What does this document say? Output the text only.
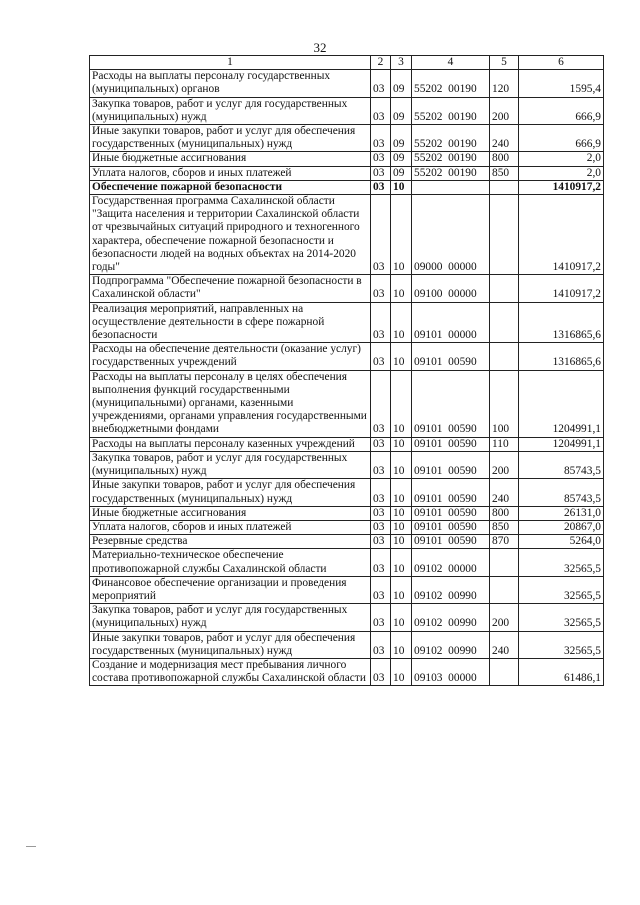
32
1	2	3	4	5	6
Расходы на выплаты персоналу государственных (муниципальных) органов	03	09	55202  00190	120	1595,4
Закупка товаров, работ и услуг для государственных (муниципальных) нужд	03	09	55202  00190	200	666,9
Иные закупки товаров, работ и услуг для обеспечения государственных (муниципальных) нужд	03	09	55202  00190	240	666,9
Иные бюджетные ассигнования	03	09	55202  00190	800	2,0
Уплата налогов, сборов и иных платежей	03	09	55202  00190	850	2,0
Обеспечение пожарной безопасности	03	10			1410917,2
Государственная программа Сахалинской области "Защита населения и территории Сахалинской области от чрезвычайных ситуаций природного и техногенного характера, обеспечение пожарной безопасности и безопасности людей на водных объектах на 2014-2020 годы"	03	10	09000  00000		1410917,2
Подпрограмма "Обеспечение пожарной безопасности в Сахалинской области"	03	10	09100  00000		1410917,2
Реализация мероприятий, направленных на осуществление деятельности в сфере пожарной безопасности	03	10	09101  00000		1316865,6
Расходы на обеспечение деятельности (оказание услуг) государственных учреждений	03	10	09101  00590		1316865,6
Расходы на выплаты персоналу в целях обеспечения выполнения функций государственными (муниципальными) органами, казенными учреждениями, органами управления государственными внебюджетными фондами	03	10	09101  00590	100	1204991,1
Расходы на выплаты персоналу казенных учреждений	03	10	09101  00590	110	1204991,1
Закупка товаров, работ и услуг для государственных (муниципальных) нужд	03	10	09101  00590	200	85743,5
Иные закупки товаров, работ и услуг для обеспечения государственных (муниципальных) нужд	03	10	09101  00590	240	85743,5
Иные бюджетные ассигнования	03	10	09101  00590	800	26131,0
Уплата налогов, сборов и иных платежей	03	10	09101  00590	850	20867,0
Резервные средства	03	10	09101  00590	870	5264,0
Материально-техническое обеспечение противопожарной службы Сахалинской области	03	10	09102  00000		32565,5
Финансовое обеспечение организации и проведения мероприятий	03	10	09102  00990		32565,5
Закупка товаров, работ и услуг для государственных (муниципальных) нужд	03	10	09102  00990	200	32565,5
Иные закупки товаров, работ и услуг для обеспечения государственных (муниципальных) нужд	03	10	09102  00990	240	32565,5
Создание и модернизация мест пребывания личного состава противопожарной службы Сахалинской области	03	10	09103  00000		61486,1
